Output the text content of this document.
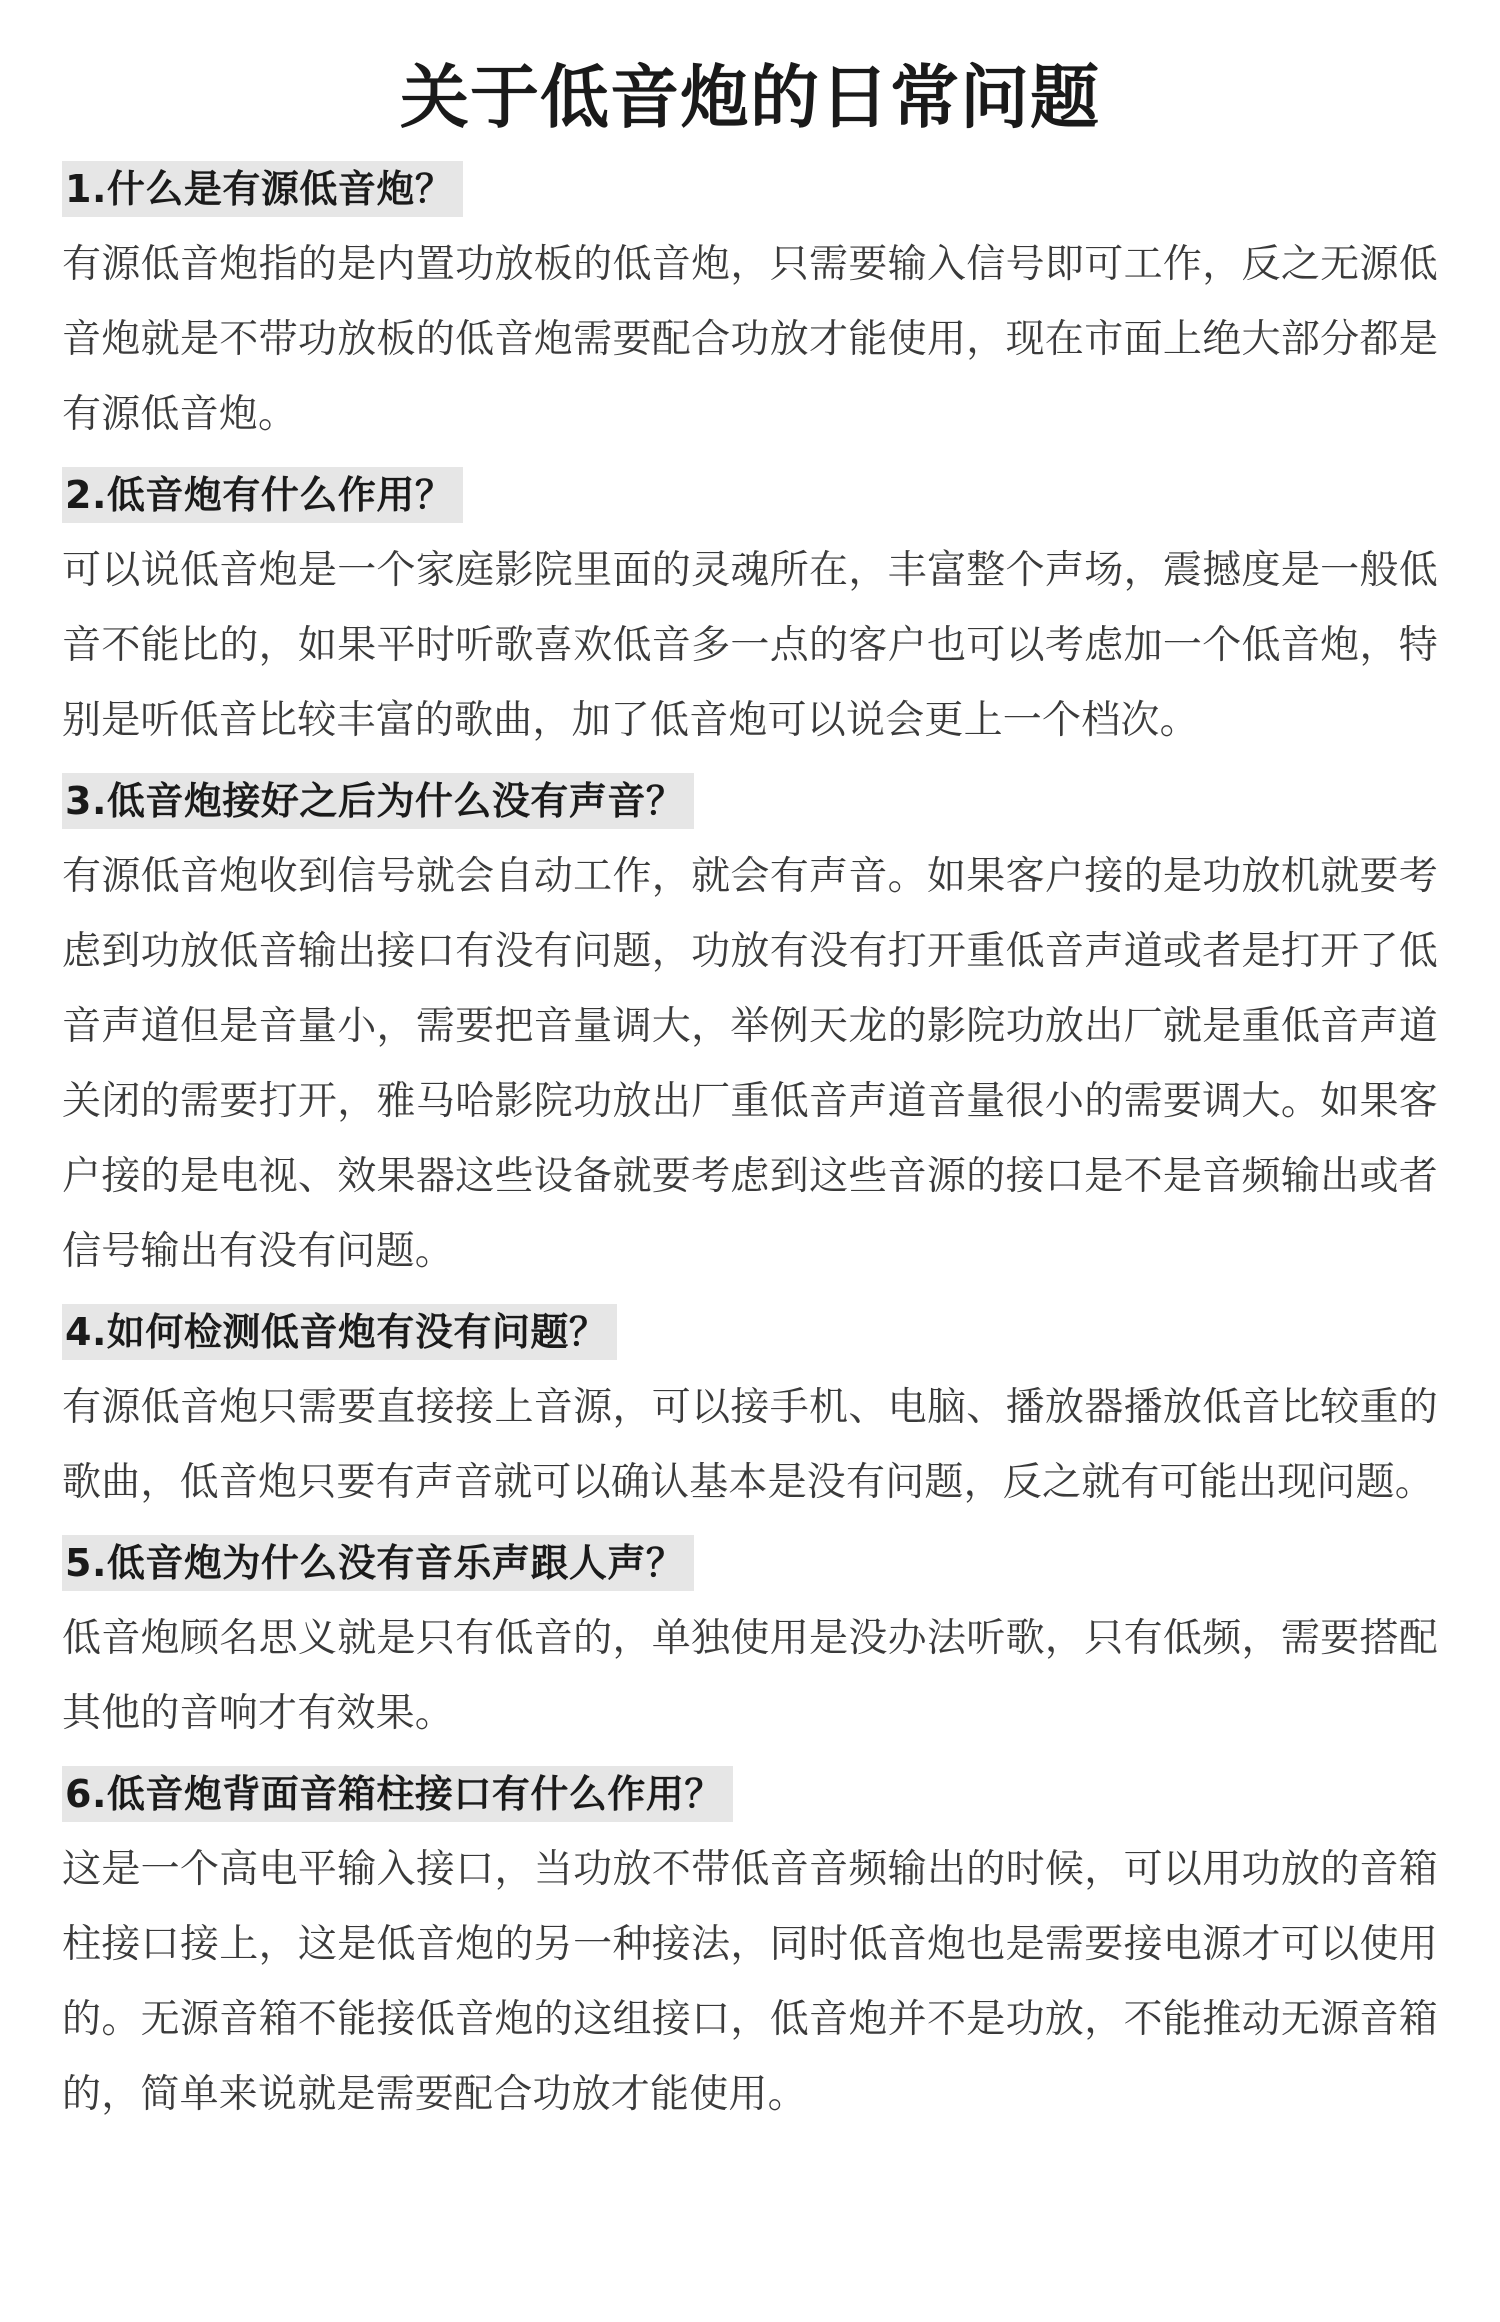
关于低音炮的日常问题
1.什么是有源低音炮？

有源低音炮指的是内置功放板的低音炮，只需要输入信号即可工作，反之无源低音炮就是不带功放板的低音炮需要配合功放才能使用，现在市面上绝大部分都是有源低音炮。

2.低音炮有什么作用？

可以说低音炮是一个家庭影院里面的灵魂所在，丰富整个声场，震撼度是一般低音不能比的，如果平时听歌喜欢低音多一点的客户也可以考虑加一个低音炮，特别是听低音比较丰富的歌曲，加了低音炮可以说会更上一个档次。

3.低音炮接好之后为什么没有声音？

有源低音炮收到信号就会自动工作，就会有声音。如果客户接的是功放机就要考虑到功放低音输出接口有没有问题，功放有没有打开重低音声道或者是打开了低音声道但是音量小，需要把音量调大，举例天龙的影院功放出厂就是重低音声道关闭的需要打开，雅马哈影院功放出厂重低音声道音量很小的需要调大。如果客户接的是电视、效果器这些设备就要考虑到这些音源的接口是不是音频输出或者信号输出有没有问题。

4.如何检测低音炮有没有问题？

有源低音炮只需要直接接上音源，可以接手机、电脑、播放器播放低音比较重的歌曲，低音炮只要有声音就可以确认基本是没有问题，反之就有可能出现问题。

5.低音炮为什么没有音乐声跟人声？

低音炮顾名思义就是只有低音的，单独使用是没办法听歌，只有低频，需要搭配其他的音响才有效果。

6.低音炮背面音箱柱接口有什么作用？

这是一个高电平输入接口，当功放不带低音音频输出的时候，可以用功放的音箱柱接口接上，这是低音炮的另一种接法，同时低音炮也是需要接电源才可以使用的。无源音箱不能接低音炮的这组接口，低音炮并不是功放，不能推动无源音箱的，简单来说就是需要配合功放才能使用。
